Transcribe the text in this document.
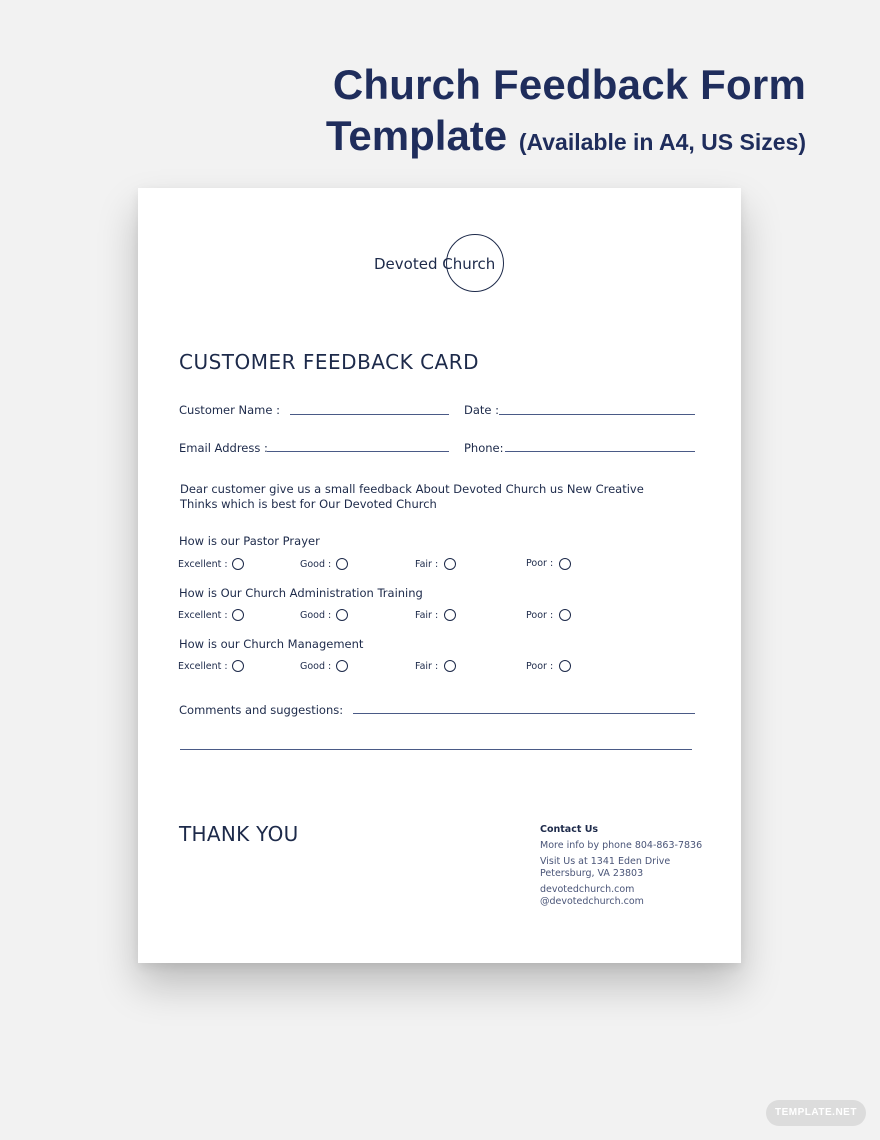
Church Feedback Form
Template (Available in A4, US Sizes)
Devoted Church
CUSTOMER FEEDBACK CARD
Customer Name :	Date :
Email Address :	Phone:
Dear customer give us a small feedback About Devoted Church us New Creative Thinks which is best for Our Devoted Church
How is our Pastor Prayer
Excellent :	Good :	Fair :	Poor :
How is Our Church Administration Training
Excellent :	Good :	Fair :	Poor :
How is our Church Management
Excellent :	Good :	Fair :	Poor :
Comments and suggestions:
THANK YOU	Contact Us
More info by phone 804-863-7836
Visit Us at 1341 Eden Drive
Petersburg, VA 23803
devotedchurch.com
@devotedchurch.com
TEMPLATE.NET
